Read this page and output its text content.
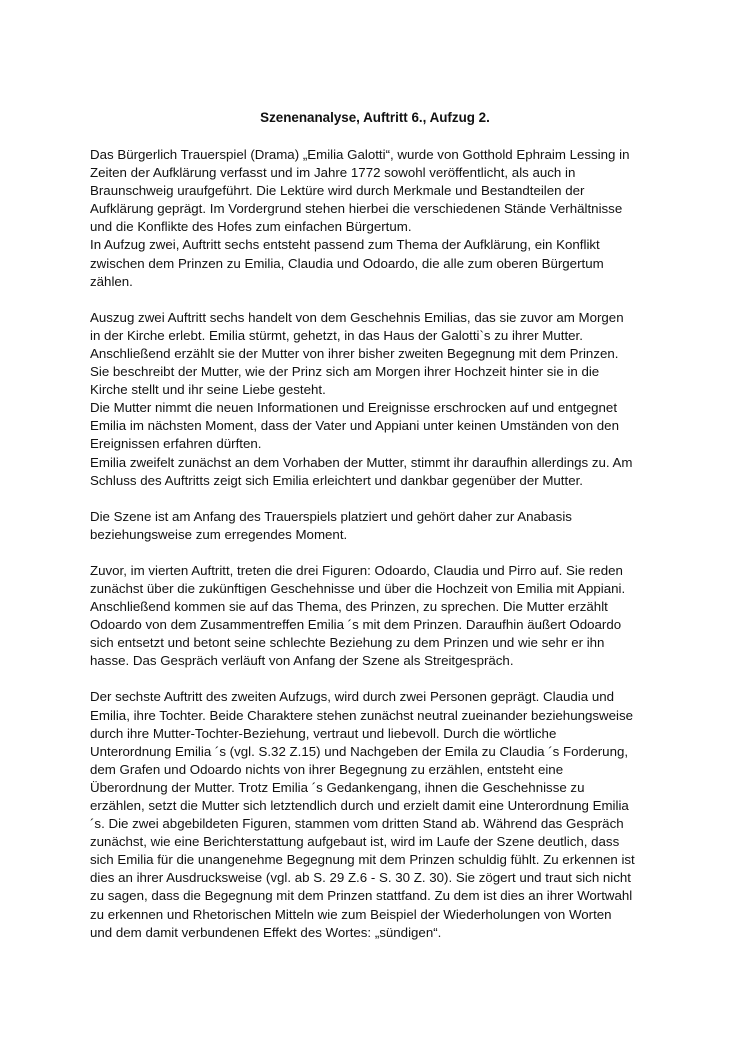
Szenenanalyse, Auftritt 6., Aufzug 2.

Das Bürgerlich Trauerspiel (Drama) „Emilia Galotti“, wurde von Gotthold Ephraim Lessing in

Zeiten der Aufklärung verfasst und im Jahre 1772 sowohl veröffentlicht, als auch in

Braunschweig uraufgeführt. Die Lektüre wird durch Merkmale und Bestandteilen der

Aufklärung geprägt. Im Vordergrund stehen hierbei die verschiedenen Stände Verhältnisse

und die Konflikte des Hofes zum einfachen Bürgertum.

In Aufzug zwei, Auftritt sechs entsteht passend zum Thema der Aufklärung, ein Konflikt

zwischen dem Prinzen zu Emilia, Claudia und Odoardo, die alle zum oberen Bürgertum

zählen.

Auszug zwei Auftritt sechs handelt von dem Geschehnis Emilias, das sie zuvor am Morgen

in der Kirche erlebt. Emilia stürmt, gehetzt, in das Haus der Galotti`s zu ihrer Mutter.

Anschließend erzählt sie der Mutter von ihrer bisher zweiten Begegnung mit dem Prinzen.

Sie beschreibt der Mutter, wie der Prinz sich am Morgen ihrer Hochzeit hinter sie in die

Kirche stellt und ihr seine Liebe gesteht.

Die Mutter nimmt die neuen Informationen und Ereignisse erschrocken auf und entgegnet

Emilia im nächsten Moment, dass der Vater und Appiani unter keinen Umständen von den

Ereignissen erfahren dürften.

Emilia zweifelt zunächst an dem Vorhaben der Mutter, stimmt ihr daraufhin allerdings zu. Am

Schluss des Auftritts zeigt sich Emilia erleichtert und dankbar gegenüber der Mutter.

Die Szene ist am Anfang des Trauerspiels platziert und gehört daher zur Anabasis

beziehungsweise zum erregendes Moment.

Zuvor, im vierten Auftritt, treten die drei Figuren: Odoardo, Claudia und Pirro auf. Sie reden

zunächst über die zukünftigen Geschehnisse und über die Hochzeit von Emilia mit Appiani.

Anschließend kommen sie auf das Thema, des Prinzen, zu sprechen. Die Mutter erzählt

Odoardo von dem Zusammentreffen Emilia ´s mit dem Prinzen. Daraufhin äußert Odoardo

sich entsetzt und betont seine schlechte Beziehung zu dem Prinzen und wie sehr er ihn

hasse. Das Gespräch verläuft von Anfang der Szene als Streitgespräch.

Der sechste Auftritt des zweiten Aufzugs, wird durch zwei Personen geprägt. Claudia und

Emilia, ihre Tochter. Beide Charaktere stehen zunächst neutral zueinander beziehungsweise

durch ihre Mutter-Tochter-Beziehung, vertraut und liebevoll. Durch die wörtliche

Unterordnung Emilia ´s (vgl. S.32 Z.15) und Nachgeben der Emila zu Claudia ´s Forderung,

dem Grafen und Odoardo nichts von ihrer Begegnung zu erzählen, entsteht eine

Überordnung der Mutter. Trotz Emilia ´s Gedankengang, ihnen die Geschehnisse zu

erzählen, setzt die Mutter sich letztendlich durch und erzielt damit eine Unterordnung Emilia

´s. Die zwei abgebildeten Figuren, stammen vom dritten Stand ab. Während das Gespräch

zunächst, wie eine Berichterstattung aufgebaut ist, wird im Laufe der Szene deutlich, dass

sich Emilia für die unangenehme Begegnung mit dem Prinzen schuldig fühlt. Zu erkennen ist

dies an ihrer Ausdrucksweise (vgl. ab S. 29 Z.6 - S. 30 Z. 30). Sie zögert und traut sich nicht

zu sagen, dass die Begegnung mit dem Prinzen stattfand. Zu dem ist dies an ihrer Wortwahl

zu erkennen und Rhetorischen Mitteln wie zum Beispiel der Wiederholungen von Worten

und dem damit verbundenen Effekt des Wortes: „sündigen“.
